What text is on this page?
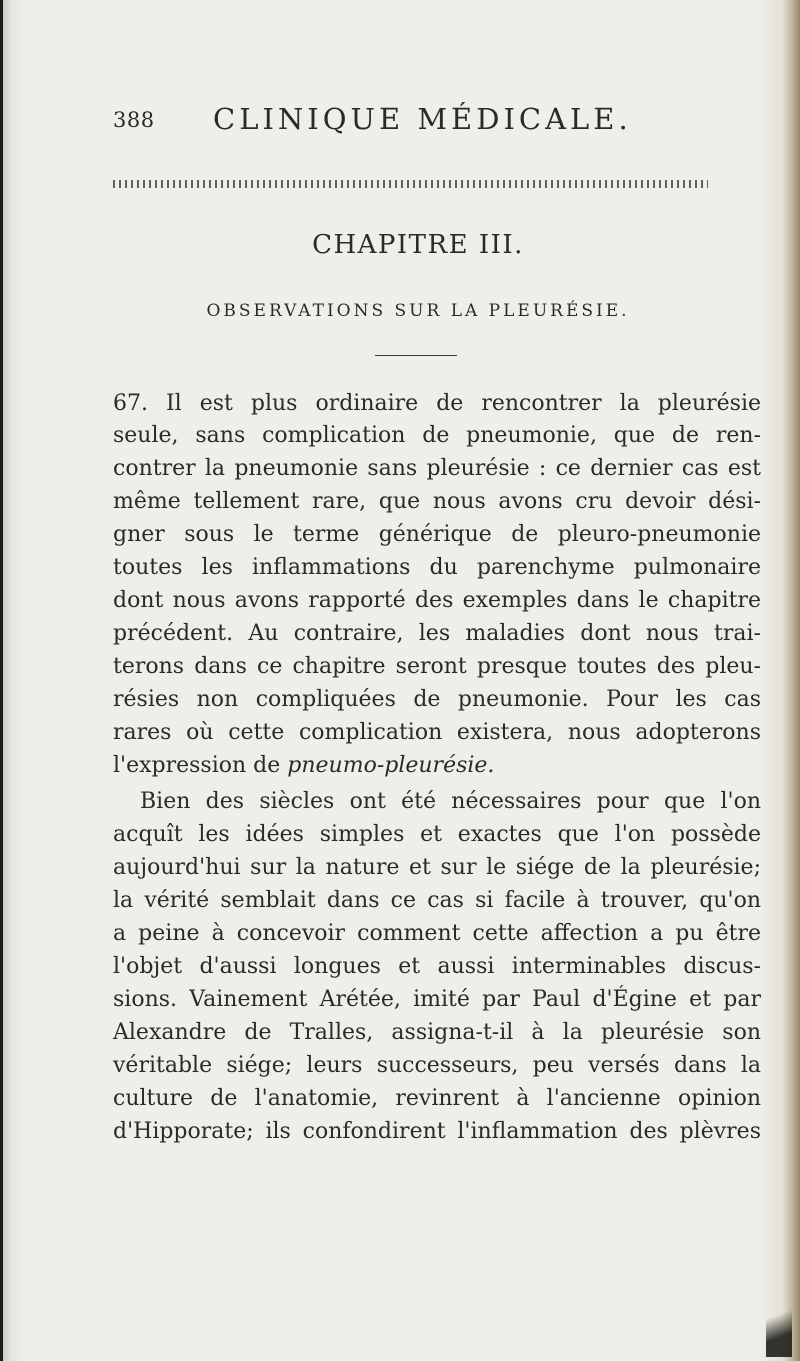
388 CLINIQUE MÉDICALE.
CHAPITRE III.
OBSERVATIONS SUR LA PLEURÉSIE.
67. Il est plus ordinaire de rencontrer la pleurésie
seule, sans complication de pneumonie, que de ren-
contrer la pneumonie sans pleurésie : ce dernier cas est
même tellement rare, que nous avons cru devoir dési-
gner sous le terme générique de pleuro-pneumonie
toutes les inflammations du parenchyme pulmonaire
dont nous avons rapporté des exemples dans le chapitre
précédent. Au contraire, les maladies dont nous trai-
terons dans ce chapitre seront presque toutes des pleu-
résies non compliquées de pneumonie. Pour les cas
rares où cette complication existera, nous adopterons
l'expression de pneumo-pleurésie.
Bien des siècles ont été nécessaires pour que l'on
acquît les idées simples et exactes que l'on possède
aujourd'hui sur la nature et sur le siége de la pleurésie;
la vérité semblait dans ce cas si facile à trouver, qu'on
a peine à concevoir comment cette affection a pu être
l'objet d'aussi longues et aussi interminables discus-
sions. Vainement Arétée, imité par Paul d'Égine et par
Alexandre de Tralles, assigna-t-il à la pleurésie son
véritable siége; leurs successeurs, peu versés dans la
culture de l'anatomie, revinrent à l'ancienne opinion
d'Hipporate; ils confondirent l'inflammation des plèvres
